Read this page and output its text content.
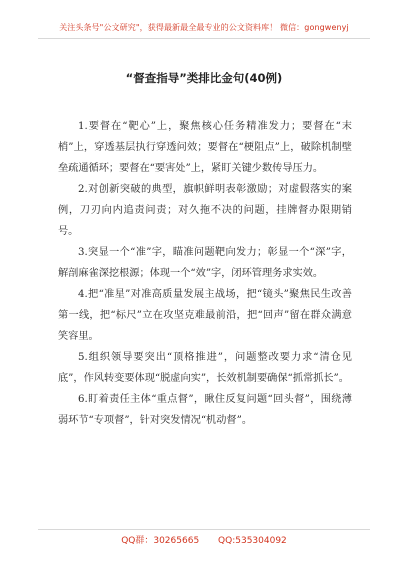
关注头条号"公文研究"，获得最新最全最专业的公文资料库！ 微信：gongwenyj
“督查指导”类排比金句(40例)

1.要督在“靶心”上，聚焦核心任务精准发力；要督在“末梢”上，穿透基层执行穿透问效；要督在“梗阻点”上，破除机制壁垒疏通循环；要督在“要害处”上，紧盯关键少数传导压力。

2.对创新突破的典型，旗帜鲜明表彰激励；对虚假落实的案例，刀刃向内追责问责；对久拖不决的问题，挂牌督办限期销号。

3.突显一个“准”字，瞄准问题靶向发力；彰显一个“深”字，解剖麻雀深挖根源；体现一个“效”字，闭环管理务求实效。

4.把“准星”对准高质量发展主战场，把“镜头”聚焦民生改善第一线，把“标尺”立在攻坚克难最前沿，把“回声”留在群众满意笑容里。

5.组织领导要突出“顶格推进”，问题整改要力求“清仓见底”，作风转变要体现“脱虚向实”，长效机制要确保“抓常抓长”。

6.盯着责任主体“重点督”，瞅住反复问题“回头督”，围绕薄弱环节“专项督”，针对突发情况“机动督”。

QQ群：30265665 QQ:535304092
